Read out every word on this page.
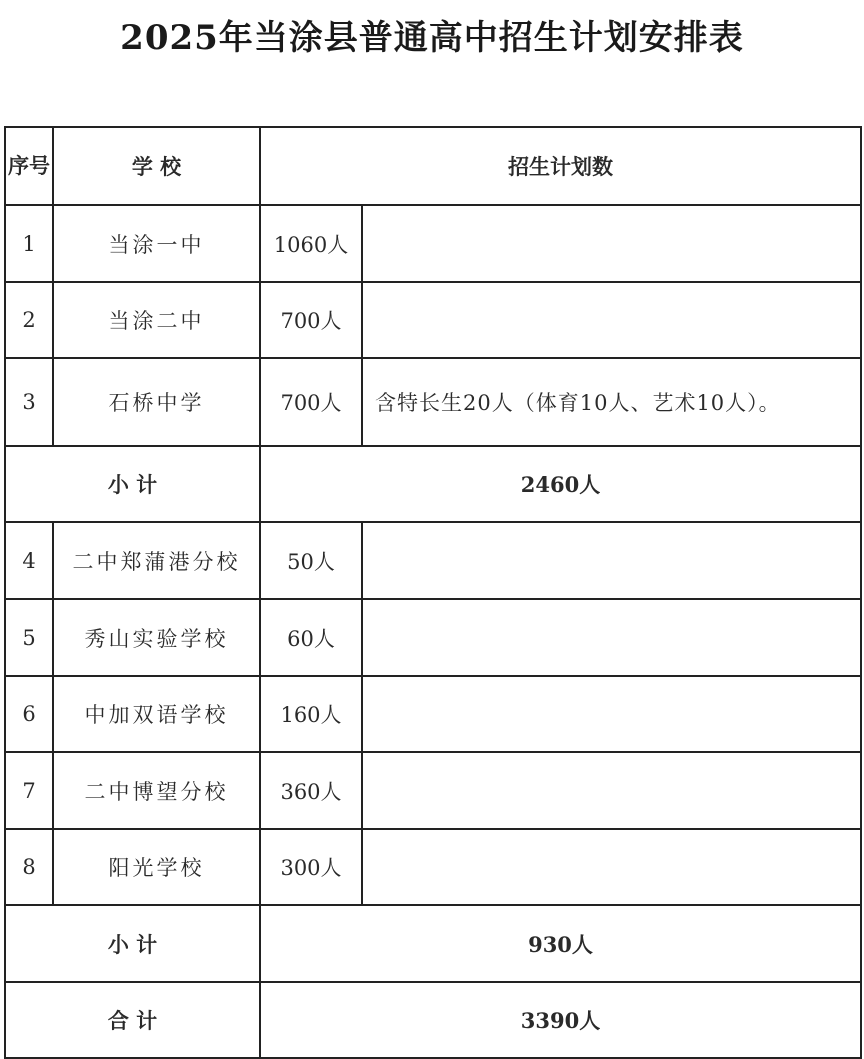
2025年当涂县普通高中招生计划安排表
序号	学 校	招生计划数	
1	当涂一中	1060人	
2	当涂二中	700人	
3	石桥中学	700人	含特长生20人（体育10人、艺术10人）。
小 计		2460人	
4	二中郑蒲港分校	50人	
5	秀山实验学校	60人	
6	中加双语学校	160人	
7	二中博望分校	360人	
8	阳光学校	300人	
小 计		930人	
合 计		3390人	
